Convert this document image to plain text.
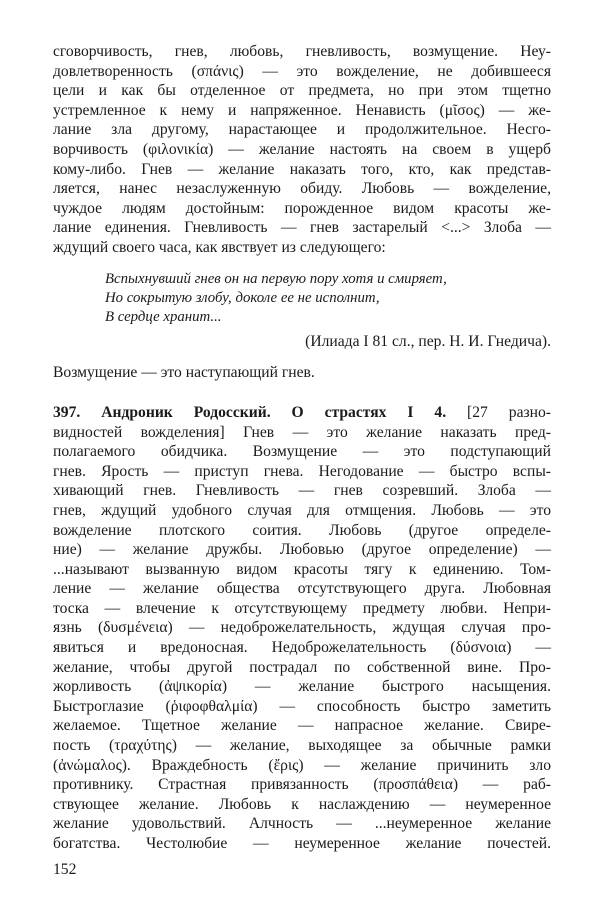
сговорчивость, гнев, любовь, гневливость, возмущение. Неу-
довлетворенность (σπάνις) — это вожделение, не добившееся
цели и как бы отделенное от предмета, но при этом тщетно
устремленное к нему и напряженное. Ненависть (μῖσος) — же-
лание зла другому, нарастающее и продолжительное. Несго-
ворчивость (φιλονικία) — желание настоять на своем в ущерб
кому-либо. Гнев — желание наказать того, кто, как представ-
ляется, нанес незаслуженную обиду. Любовь — вожделение,
чуждое людям достойным: порожденное видом красоты же-
лание единения. Гневливость — гнев застарелый <...> Злоба —
ждущий своего часа, как явствует из следующего:
Вспыхнувший гнев он на первую пору хотя и смиряет,
Но сокрытую злобу, доколе ее не исполнит,
В сердце хранит...
(Илиада I 81 сл., пер. Н. И. Гнедича).
Возмущение — это наступающий гнев.
397. Андроник Родосский. О страстях I 4. [27 разно-
видностей вожделения] Гнев — это желание наказать пред-
полагаемого обидчика. Возмущение — это подступающий
гнев. Ярость — приступ гнева. Негодование — быстро вспы-
хивающий гнев. Гневливость — гнев созревший. Злоба —
гнев, ждущий удобного случая для отмщения. Любовь — это
вожделение плотского соития. Любовь (другое определе-
ние) — желание дружбы. Любовью (другое определение) —
...называют вызванную видом красоты тягу к единению. Том-
ление — желание общества отсутствующего друга. Любовная
тоска — влечение к отсутствующему предмету любви. Непри-
язнь (δυσμένεια) — недоброжелательность, ждущая случая про-
явиться и вредоносная. Недоброжелательность (δύσνοια) —
желание, чтобы другой пострадал по собственной вине. Про-
жорливость (ἀψικορία) — желание быстрого насыщения.
Быстроглазие (ῥιφοφθαλμία) — способность быстро заметить
желаемое. Тщетное желание — напрасное желание. Свире-
пость (τραχύτης) — желание, выходящее за обычные рамки
(ἀνώμαλος). Враждебность (ἔρις) — желание причинить зло
противнику. Страстная привязанность (προσπάθεια) — раб-
ствующее желание. Любовь к наслаждению — неумеренное
желание удовольствий. Алчность — ...неумеренное желание
богатства. Честолюбие — неумеренное желание почестей.
152
